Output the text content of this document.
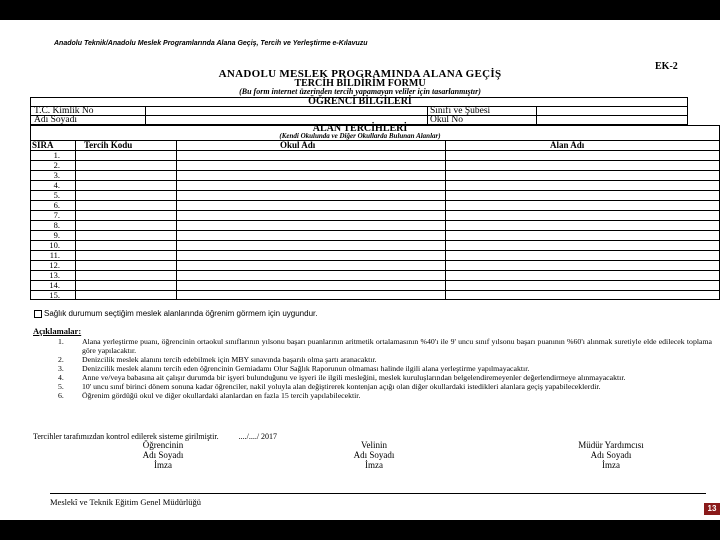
Anadolu Teknik/Anadolu Meslek Programlarında Alana Geçiş, Tercih ve Yerleştirme e-Kılavuzu
EK-2
ANADOLU MESLEK PROGRAMINDA ALANA GEÇİŞ
TERCİH BİLDİRİM FORMU
(Bu form internet üzerinden tercih yapamayan veliler için tasarlanmıştır)
ÖĞRENCİ BİLGİLERİ
T.C. Kimlik No
Adı Soyadı
Sınıfı ve Şubesi
Okul No
ALAN TERCİHLERİ
(Kendi Okulunda ve Diğer Okullarda Bulunan Alanlar)
SIRA	Tercih Kodu	Okul Adı	Alan Adı
1.
2.
3.
4.
5.
6.
7.
8.
9.
10.
11.
12.
13.
14.
15.
Sağlık durumum seçtiğim meslek alanlarında öğrenim görmem için uygundur.
Açıklamalar:
1. Alana yerleştirme puanı, öğrencinin ortaokul sınıflarının yılsonu başarı puanlarının aritmetik ortalamasının %40'ı ile 9' uncu sınıf yılsonu başarı puanının %60'ı alınmak suretiyle elde edilecek toplama göre yapılacaktır.
2. Denizcilik meslek alanını tercih edebilmek için MBY sınavında başarılı olma şartı aranacaktır.
3. Denizcilik meslek alanını tercih eden öğrencinin Gemiadamı Olur Sağlık Raporunun olmaması halinde ilgili alana yerleştirme yapılmayacaktır.
4. Anne ve/veya babasına ait çalışır durumda bir işyeri bulunduğunu ve işyeri ile ilgili mesleğini, meslek kuruluşlarından belgelendiremeyenler değerlendirmeye alınmayacaktır.
5. 10' uncu sınıf birinci dönem sonuna kadar öğrenciler, nakil yoluyla alan değiştirerek kontenjan açığı olan diğer okullardaki istedikleri alanlara geçiş yapabileceklerdir.
6. Öğrenim gördüğü okul ve diğer okullardaki alanlardan en fazla 15 tercih yapılabilecektir.
Tercihler tarafımızdan kontrol edilerek sisteme girilmiştir.          ..../..../ 2017
Öğrencinin
Adı Soyadı
İmza
Velinin
Adı Soyadı
İmza
Müdür Yardımcısı
Adı Soyadı
İmza
Meslekî ve Teknik Eğitim Genel Müdürlüğü
13
